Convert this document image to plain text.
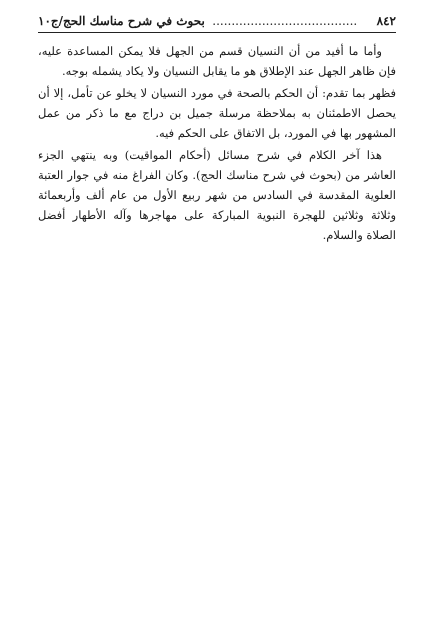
٨٤٢
......................................
بحوث في شرح مناسك الحج/ج١٠

وأما ما أفيد من أن النسيان قسم من الجهل فلا يمكن المساعدة عليه، فإن ظاهر الجهل عند الإطلاق هو ما يقابل النسيان ولا يكاد يشمله بوجه.

فظهر بما تقدم: أن الحكم بالصحة في مورد النسيان لا يخلو عن تأمل، إلا أن يحصل الاطمئنان به بملاحظة مرسلة جميل بن دراج مع ما ذكر من عمل المشهور بها في المورد، بل الاتفاق على الحكم فيه.

هذا آخر الكلام في شرح مسائل (أحكام المواقيت) وبه ينتهي الجزء العاشر من (بحوث في شرح مناسك الحج). وكان الفراغ منه في جوار العتبة العلوية المقدسة في السادس من شهر ربيع الأول من عام ألف وأربعمائة وثلاثة وثلاثين للهجرة النبوية المباركة على مهاجرها وآله الأطهار أفضل الصلاة والسلام.
